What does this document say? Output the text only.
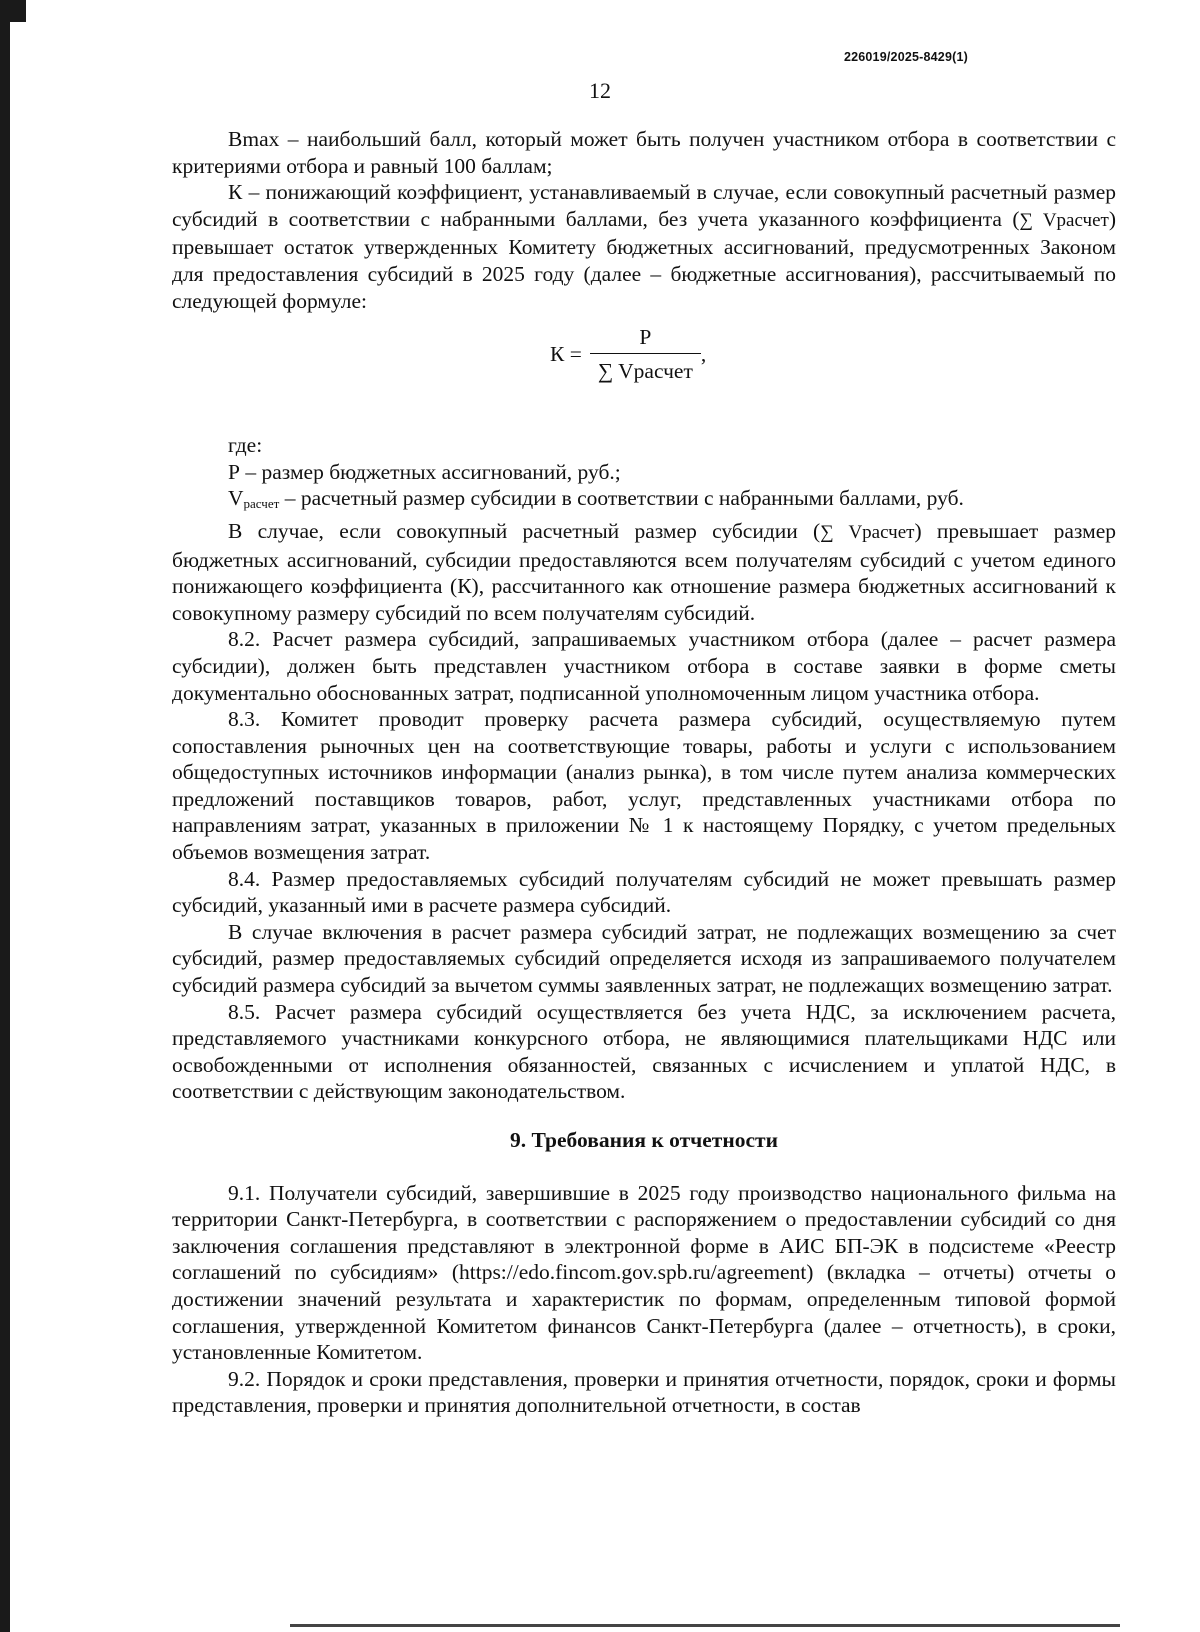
226019/2025-8429(1)
12

Bmax – наибольший балл, который может быть получен участником отбора в соответствии с критериями отбора и равный 100 баллам;

К – понижающий коэффициент, устанавливаемый в случае, если совокупный расчетный размер субсидий в соответствии с набранными баллами, без учета указанного коэффициента (∑ Vрасчет) превышает остаток утвержденных Комитету бюджетных ассигнований, предусмотренных Законом для предоставления субсидий в 2025 году (далее – бюджетные ассигнования), рассчитываемый по следующей формуле:

$К = \frac{Р}{\text{∑ Vрасчет}}$ ,

где:

Р – размер бюджетных ассигнований, руб.;

$V_{расчет}$ – расчетный размер субсидии в соответствии с набранными баллами, руб.

В случае, если совокупный расчетный размер субсидии (∑ Vрасчет) превышает размер бюджетных ассигнований, субсидии предоставляются всем получателям субсидий с учетом единого понижающего коэффициента (К), рассчитанного как отношение размера бюджетных ассигнований к совокупному размеру субсидий по всем получателям субсидий.

8.2. Расчет размера субсидий, запрашиваемых участником отбора (далее – расчет размера субсидии), должен быть представлен участником отбора в составе заявки в форме сметы документально обоснованных затрат, подписанной уполномоченным лицом участника отбора.

8.3. Комитет проводит проверку расчета размера субсидий, осуществляемую путем сопоставления рыночных цен на соответствующие товары, работы и услуги с использованием общедоступных источников информации (анализ рынка), в том числе путем анализа коммерческих предложений поставщиков товаров, работ, услуг, представленных участниками отбора по направлениям затрат, указанных в приложении № 1 к настоящему Порядку, с учетом предельных объемов возмещения затрат.

8.4. Размер предоставляемых субсидий получателям субсидий не может превышать размер субсидий, указанный ими в расчете размера субсидий.

В случае включения в расчет размера субсидий затрат, не подлежащих возмещению за счет субсидий, размер предоставляемых субсидий определяется исходя из запрашиваемого получателем субсидий размера субсидий за вычетом суммы заявленных затрат, не подлежащих возмещению затрат.

8.5. Расчет размера субсидий осуществляется без учета НДС, за исключением расчета, представляемого участниками конкурсного отбора, не являющимися плательщиками НДС или освобожденными от исполнения обязанностей, связанных с исчислением и уплатой НДС, в соответствии с действующим законодательством.

9. Требования к отчетности

9.1. Получатели субсидий, завершившие в 2025 году производство национального фильма на территории Санкт-Петербурга, в соответствии с распоряжением о предоставлении субсидий со дня заключения соглашения представляют в электронной форме в АИС БП-ЭК в подсистеме «Реестр соглашений по субсидиям» (https://edo.fincom.gov.spb.ru/agreement) (вкладка – отчеты) отчеты о достижении значений результата и характеристик по формам, определенным типовой формой соглашения, утвержденной Комитетом финансов Санкт-Петербурга (далее – отчетность), в сроки, установленные Комитетом.

9.2. Порядок и сроки представления, проверки и принятия отчетности, порядок, сроки и формы представления, проверки и принятия дополнительной отчетности, в состав
